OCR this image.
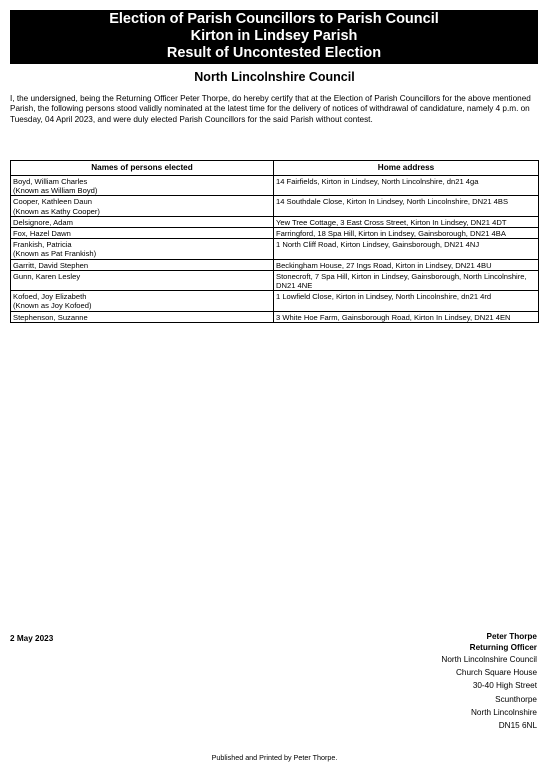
Election of Parish Councillors to Parish Council
Kirton in Lindsey Parish
Result of Uncontested Election
North Lincolnshire Council
I, the undersigned, being the Returning Officer Peter Thorpe, do hereby certify that at the Election of Parish Councillors for the above mentioned Parish, the following persons stood validly nominated at the latest time for the delivery of notices of withdrawal of candidature, namely 4 p.m. on Tuesday, 04 April 2023, and were duly elected Parish Councillors for the said Parish without contest.
Names of persons elected	Home address

Boyd, William Charles
(Known as William Boyd)	14 Fairfields, Kirton in Lindsey, North Lincolnshire, dn21 4ga

Cooper, Kathleen Daun
(Known as Kathy Cooper)	14 Southdale Close, Kirton In Lindsey, North Lincolnshire, DN21 4BS

Delsignore, Adam	Yew Tree Cottage, 3 East Cross Street, Kirton In Lindsey, DN21 4DT

Fox, Hazel Dawn	Farringford, 18 Spa Hill, Kirton in Lindsey, Gainsborough, DN21 4BA

Frankish, Patricia
(Known as Pat Frankish)	1 North Cliff Road, Kirton Lindsey, Gainsborough, DN21 4NJ

Garritt, David Stephen	Beckingham House, 27 Ings Road, Kirton in Lindsey, DN21 4BU

Gunn, Karen Lesley	Stonecroft, 7 Spa Hill, Kirton in Lindsey, Gainsborough, North Lincolnshire, DN21 4NE

Kofoed, Joy Elizabeth
(Known as Joy Kofoed)	1 Lowfield Close, Kirton in Lindsey, North Lincolnshire, dn21 4rd

Stephenson, Suzanne	3 White Hoe Farm, Gainsborough Road, Kirton In Lindsey, DN21 4EN
2 May 2023	Peter Thorpe
Returning Officer
North Lincolnshire Council
Church Square House
30-40 High Street
Scunthorpe
North Lincolnshire
DN15 6NL
Published and Printed by Peter Thorpe.
